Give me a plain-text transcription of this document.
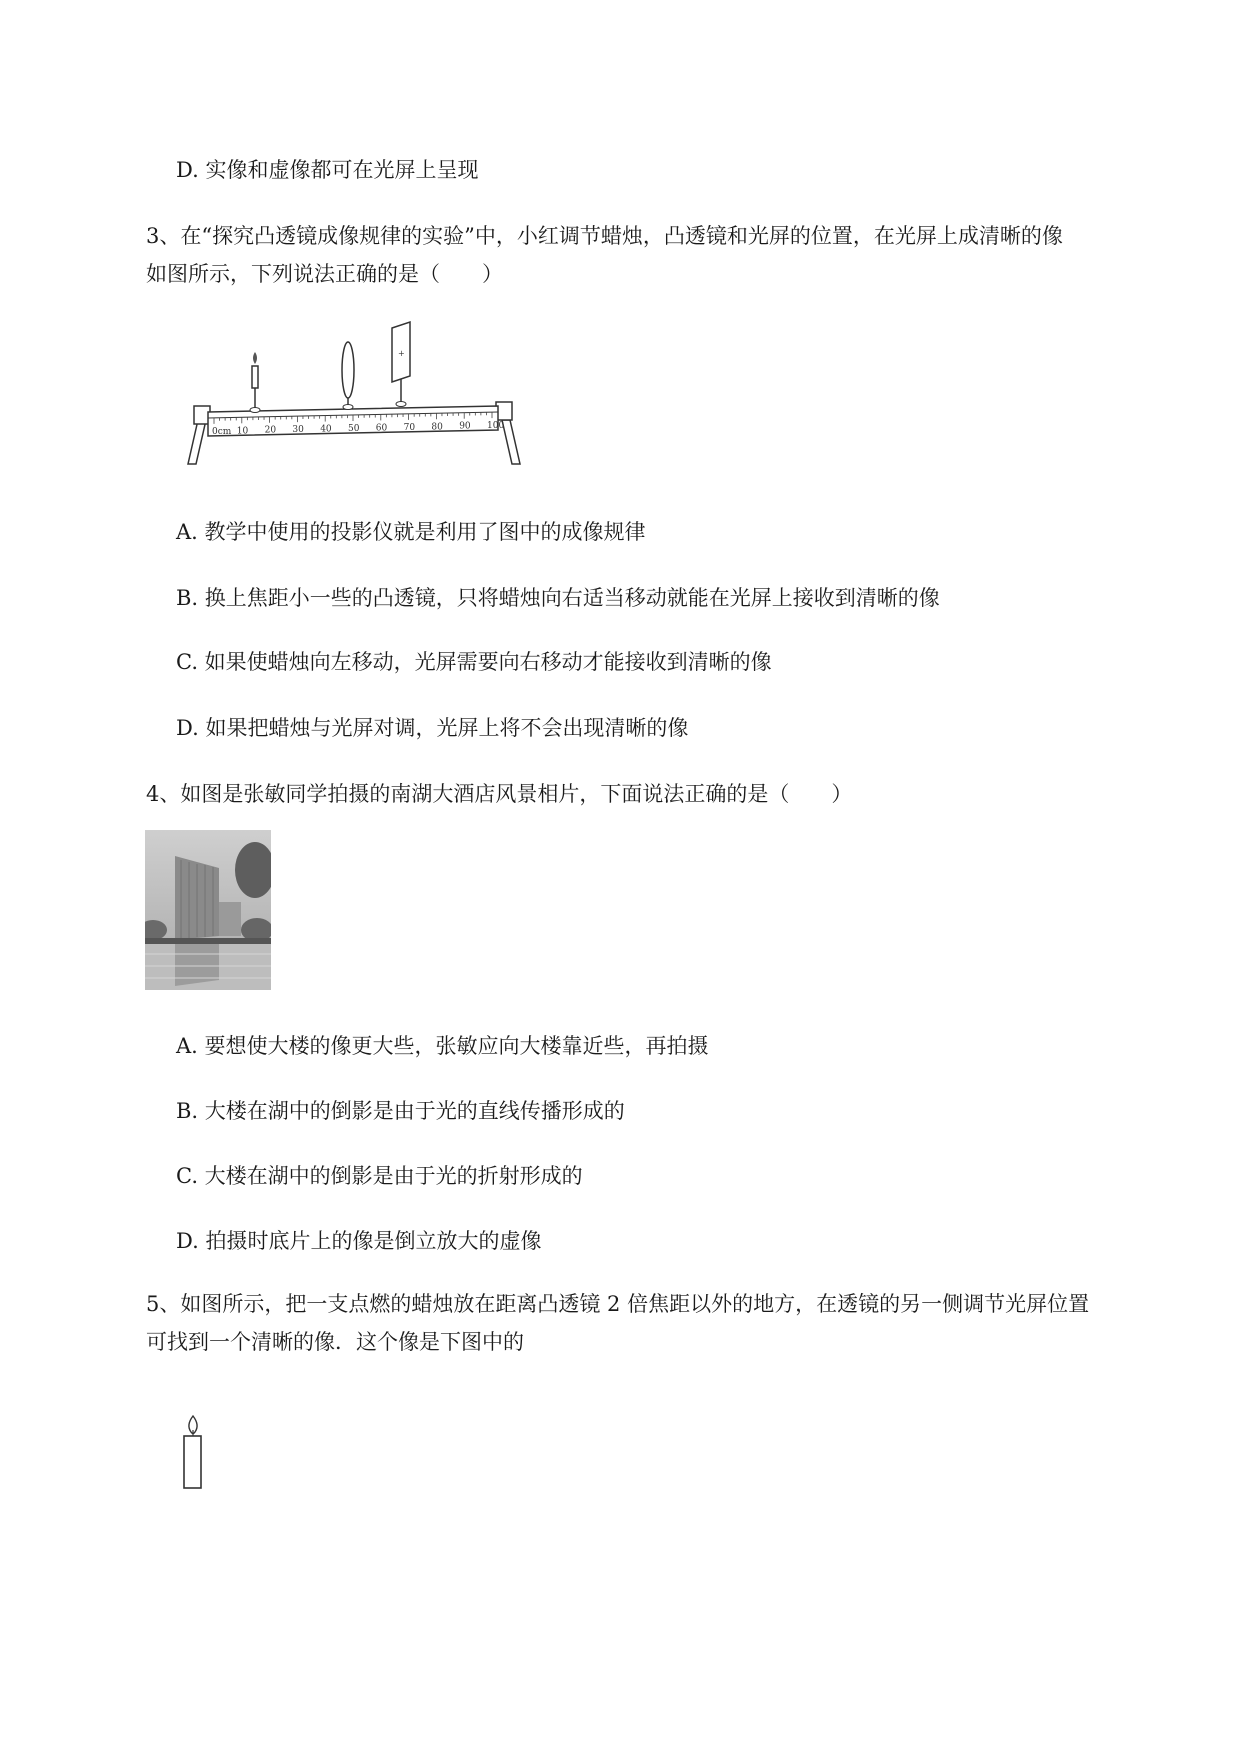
D. 实像和虚像都可在光屏上呈现
3、在“探究凸透镜成像规律的实验”中，小红调节蜡烛，凸透镜和光屏的位置，在光屏上成清晰的像
如图所示，下列说法正确的是（　　）
0cm 10 20 30 40 50 60 70 80 90 100
+
A. 教学中使用的投影仪就是利用了图中的成像规律
B. 换上焦距小一些的凸透镜，只将蜡烛向右适当移动就能在光屏上接收到清晰的像
C. 如果使蜡烛向左移动，光屏需要向右移动才能接收到清晰的像
D. 如果把蜡烛与光屏对调，光屏上将不会出现清晰的像
4、如图是张敏同学拍摄的南湖大酒店风景相片，下面说法正确的是（　　）
A. 要想使大楼的像更大些，张敏应向大楼靠近些，再拍摄
B. 大楼在湖中的倒影是由于光的直线传播形成的
C. 大楼在湖中的倒影是由于光的折射形成的
D. 拍摄时底片上的像是倒立放大的虚像
5、如图所示，把一支点燃的蜡烛放在距离凸透镜 2 倍焦距以外的地方，在透镜的另一侧调节光屏位置
可找到一个清晰的像．这个像是下图中的
